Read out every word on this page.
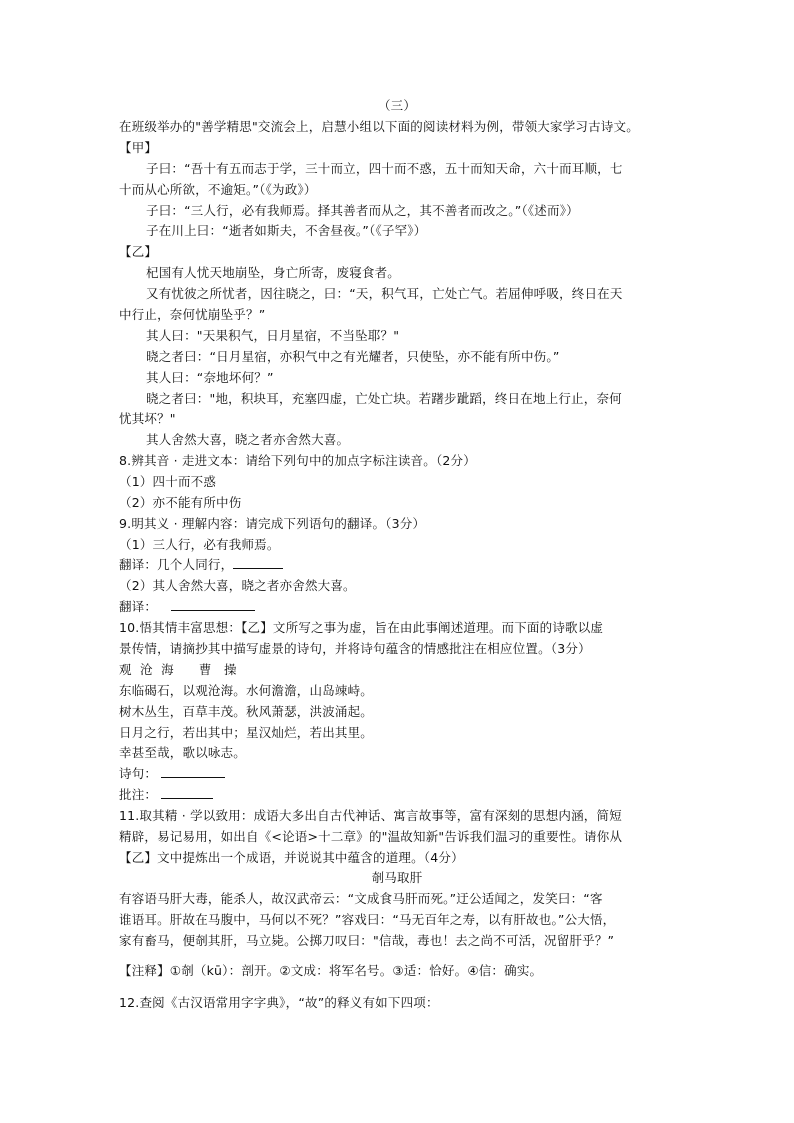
（三）
在班级举办的"善学精思"交流会上，启慧小组以下面的阅读材料为例，带领大家学习古诗文。
【甲】
子曰：“吾十有五而志于学，三十而立，四十而不惑，五十而知天命，六十而耳顺，七
十而从心所欲，不逾矩。”（《为政》）
子曰：“三人行，必有我师焉。择其善者而从之，其不善者而改之。”（《述而》）
子在川上曰：“逝者如斯夫，不舍昼夜。”（《子罕》）
【乙】
杞国有人忧天地崩坠，身亡所寄，废寝食者。
又有忧彼之所忧者，因往晓之，曰：“天，积气耳，亡处亡气。若屈伸呼吸，终日在天
中行止，奈何忧崩坠乎？”
其人曰："天果积气，日月星宿，不当坠耶？"
晓之者曰：“日月星宿，亦积气中之有光耀者，只使坠，亦不能有所中伤。”
其人曰：“奈地坏何？”
晓之者曰："地，积块耳，充塞四虚，亡处亡块。若躇步跐蹈，终日在地上行止，奈何
忧其坏？"
其人舍然大喜，晓之者亦舍然大喜。
8.辨其音 · 走进文本：请给下列句中的加点字标注读音。（2分）
（1）四十而不惑
（2）亦不能有所中伤
9.明其义 · 理解内容：请完成下列语句的翻译。（3分）
（1）三人行，必有我师焉。
翻译：几个人同行，
（2）其人舍然大喜，晓之者亦舍然大喜。
翻译：
10.悟其情丰富思想：【乙】文所写之事为虚，旨在由此事阐述道理。而下面的诗歌以虚
景传情，请摘抄其中描写虚景的诗句，并将诗句蕴含的情感批注在相应位置。（3分）
观  沧  海      曹   操
东临碣石，以观沧海。水何澹澹，山岛竦峙。
树木丛生，百草丰茂。秋风萧瑟，洪波涌起。
日月之行，若出其中；星汉灿烂，若出其里。
幸甚至哉，歌以咏志。
诗句：
批注：
11.取其精 · 学以致用：成语大多出自古代神话、寓言故事等，富有深刻的思想内涵，简短
精辟，易记易用，如出自《<论语>十二章》的"温故知新"告诉我们温习的重要性。请你从
【乙】文中提炼出一个成语，并说说其中蕴含的道理。（4分）
剞马取肝
有容语马肝大毒，能杀人，故汉武帝云：“文成食马肝而死。”迂公适闻之，发笑曰：“客
谁语耳。肝故在马腹中，马何以不死？”容戏曰：“马无百年之寿，以有肝故也。”公大悟，
家有畜马，便剞其肝，马立毙。公掷刀叹曰："信哉，毒也！去之尚不可活，况留肝乎？”
【注释】①剞（kū）：剖开。②文成：将军名号。③适：恰好。④信：确实。
12.查阅《古汉语常用字字典》，“故”的释义有如下四项：
